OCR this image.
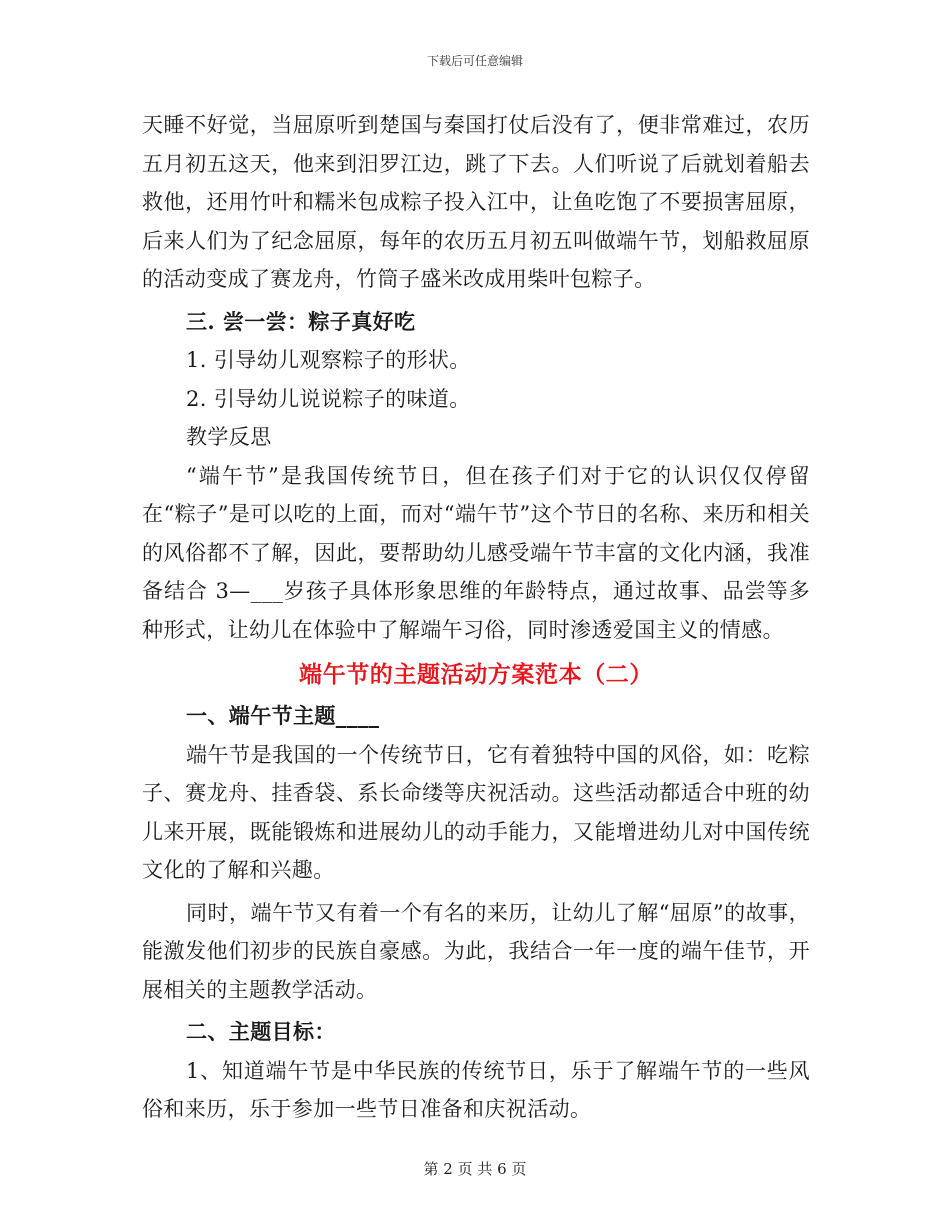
下载后可任意编辑

天睡不好觉，当屈原听到楚国与秦国打仗后没有了，便非常难过，农历五月初五这天，他来到汨罗江边，跳了下去。人们听说了后就划着船去救他，还用竹叶和糯米包成粽子投入江中，让鱼吃饱了不要损害屈原，后来人们为了纪念屈原，每年的农历五月初五叫做端午节，划船救屈原的活动变成了赛龙舟，竹筒子盛米改成用柴叶包粽子。

三. 尝一尝：粽子真好吃

1. 引导幼儿观察粽子的形状。

2. 引导幼儿说说粽子的味道。

教学反思

“端午节”是我国传统节日，但在孩子们对于它的认识仅仅停留在“粽子”是可以吃的上面，而对“端午节”这个节日的名称、来历和相关的风俗都不了解，因此，要帮助幼儿感受端午节丰富的文化内涵，我准备结合 3—___岁孩子具体形象思维的年龄特点，通过故事、品尝等多种形式，让幼儿在体验中了解端午习俗，同时渗透爱国主义的情感。

端午节的主题活动方案范本（二）

一、端午节主题____

端午节是我国的一个传统节日，它有着独特中国的风俗，如：吃粽子、赛龙舟、挂香袋、系长命缕等庆祝活动。这些活动都适合中班的幼儿来开展，既能锻炼和进展幼儿的动手能力，又能增进幼儿对中国传统文化的了解和兴趣。

同时，端午节又有着一个有名的来历，让幼儿了解“屈原”的故事，能激发他们初步的民族自豪感。为此，我结合一年一度的端午佳节，开展相关的主题教学活动。

二、主题目标：

1、知道端午节是中华民族的传统节日，乐于了解端午节的一些风俗和来历，乐于参加一些节日准备和庆祝活动。

第 2 页 共 6 页
